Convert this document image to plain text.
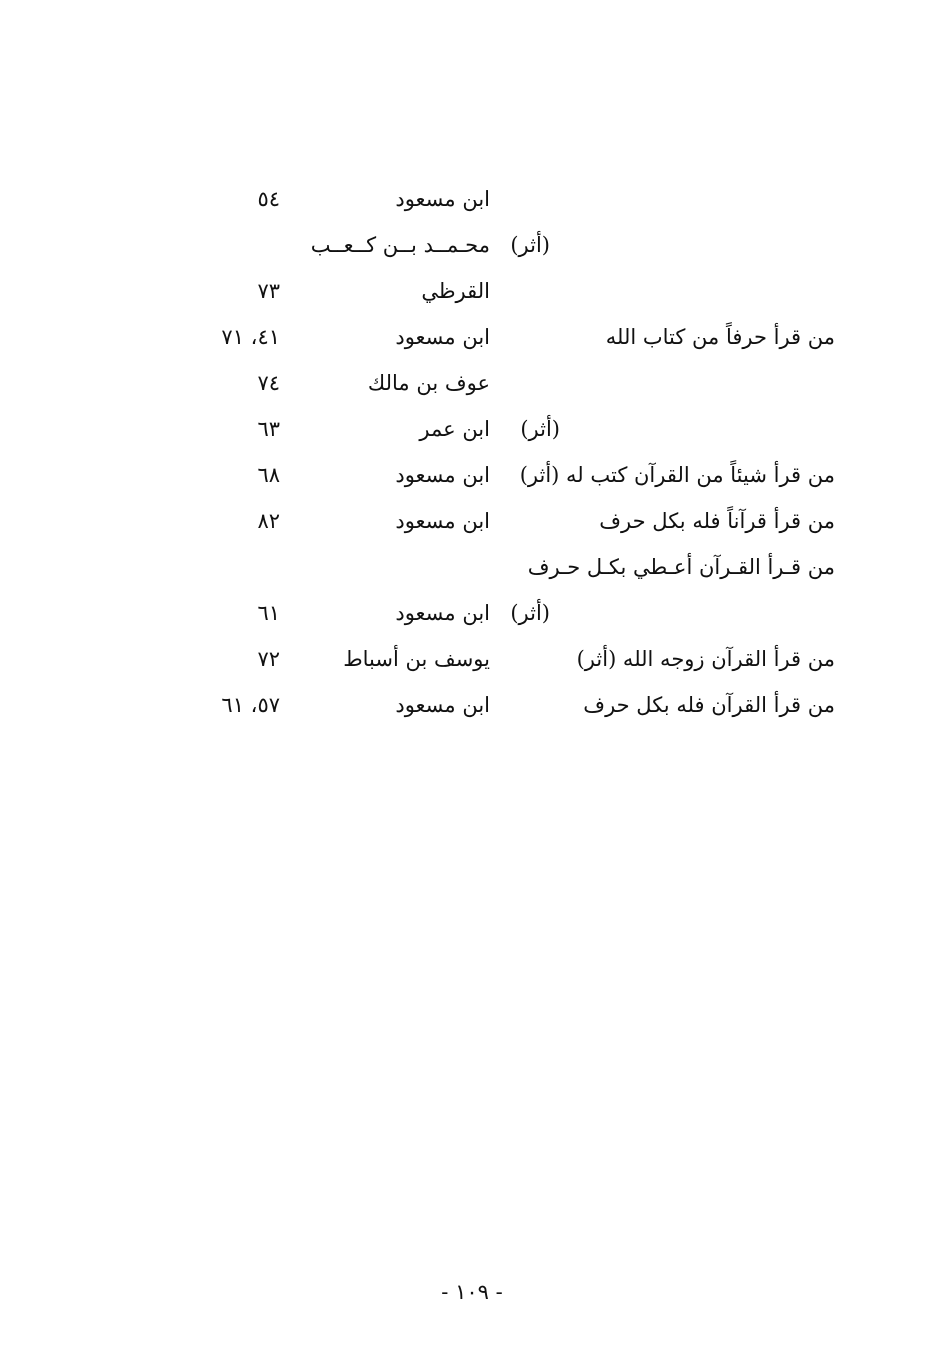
ابن مسعود
٥٤
(أثر)
محـمــد بــن كــعــب
القرظي
٧٣
من قرأ حرفاً من كتاب الله
ابن مسعود
٤١، ٧١
عوف بن مالك
٧٤
(أثر)
ابن عمر
٦٣
من قرأ شيئاً من القرآن كتب له (أثر)
ابن مسعود
٦٨
من قرأ قرآناً فله بكل حرف
ابن مسعود
٨٢
من قـرأ القـرآن أعـطي بكـل حـرف
(أثر)
ابن مسعود
٦١
من قرأ القرآن زوجه الله (أثر)
يوسف بن أسباط
٧٢
من قرأ القرآن فله بكل حرف
ابن مسعود
٥٧، ٦١
- ١٠٩ -
